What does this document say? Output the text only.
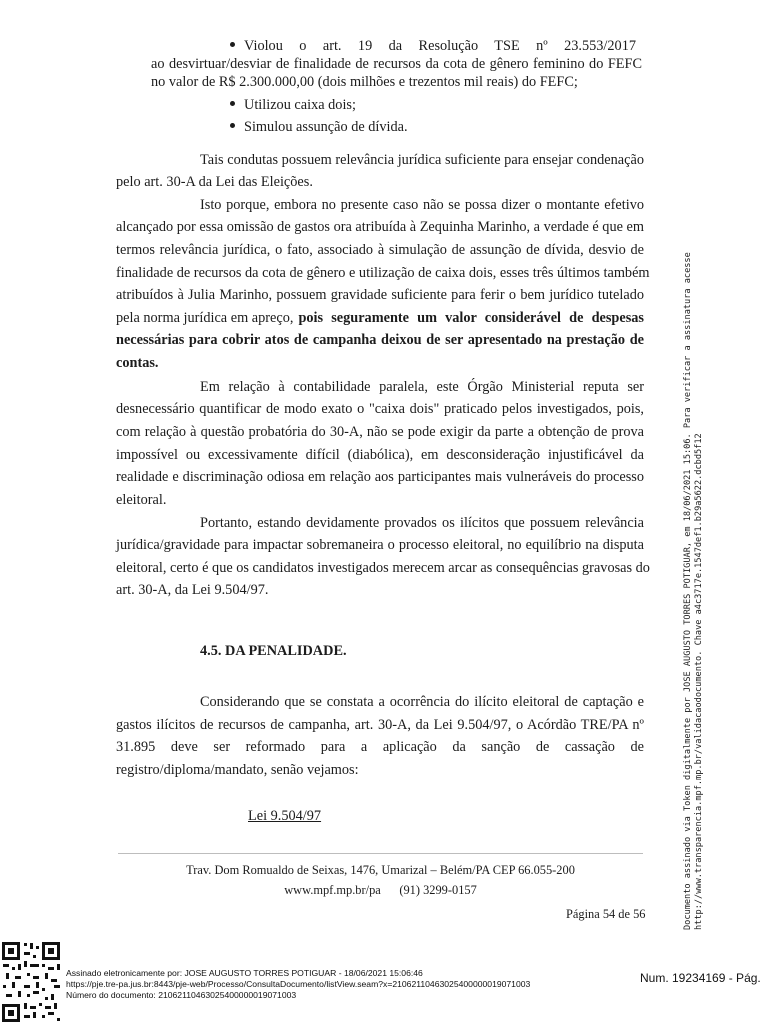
Violou o art. 19 da Resolução TSE nº 23.553/2017
ao desvirtuar/desviar de finalidade de recursos da cota de gênero feminino do FEFC
no valor de R$ 2.300.000,00 (dois milhões e trezentos mil reais) do FEFC;
Utilizou caixa dois;
Simulou assunção de dívida.
Tais condutas possuem relevância jurídica suficiente para ensejar condenação
pelo art. 30-A da Lei das Eleições.
Isto porque, embora no presente caso não se possa dizer o montante efetivo
alcançado por essa omissão de gastos ora atribuída à Zequinha Marinho, a verdade é que em
termos relevância jurídica, o fato, associado à simulação de assunção de dívida, desvio de
finalidade de recursos da cota de gênero e utilização de caixa dois, esses três últimos também
atribuídos à Julia Marinho, possuem gravidade suficiente para ferir o bem jurídico tutelado
pela norma jurídica em apreço, pois seguramente um valor considerável de despesas
necessárias para cobrir atos de campanha deixou de ser apresentado na prestação de
contas.
Em relação à contabilidade paralela, este Órgão Ministerial reputa ser
desnecessário quantificar de modo exato o "caixa dois" praticado pelos investigados, pois,
com relação à questão probatória do 30-A, não se pode exigir da parte a obtenção de prova
impossível ou excessivamente difícil (diabólica), em desconsideração injustificável da
realidade e discriminação odiosa em relação aos participantes mais vulneráveis do processo
eleitoral.
Portanto, estando devidamente provados os ilícitos que possuem relevância
jurídica/gravidade para impactar sobremaneira o processo eleitoral, no equilíbrio na disputa
eleitoral, certo é que os candidatos investigados merecem arcar as consequências gravosas do
art. 30-A, da Lei 9.504/97.
4.5. DA PENALIDADE.
Considerando que se constata a ocorrência do ilícito eleitoral de captação e
gastos ilícitos de recursos de campanha, art. 30-A, da Lei 9.504/97, o Acórdão TRE/PA nº
31.895 deve ser reformado para a aplicação da sanção de cassação de
registro/diploma/mandato, senão vejamos:
Lei 9.504/97
Trav. Dom Romualdo de Seixas, 1476, Umarizal – Belém/PA CEP 66.055-200
www.mpf.mp.br/pa      (91) 3299-0157
Página 54 de 56	Documento assinado via Token digitalmente por JOSE AUGUSTO TORRES POTIGUAR, em 18/06/2021 15:06. Para verificar a assinatura acesse http://www.transparencia.mpf.mp.br/validacaodocumento. Chave a4c3717e.1547def1.b29a5622.dcbd5f12
Assinado eletronicamente por: JOSE AUGUSTO TORRES POTIGUAR - 18/06/2021 15:06:46
https://pje.tre-pa.jus.br:8443/pje-web/Processo/ConsultaDocumento/listView.seam?x=21062110463025400000019071003
Número do documento: 21062110463025400000019071003
Num. 19234169 - Pág.
